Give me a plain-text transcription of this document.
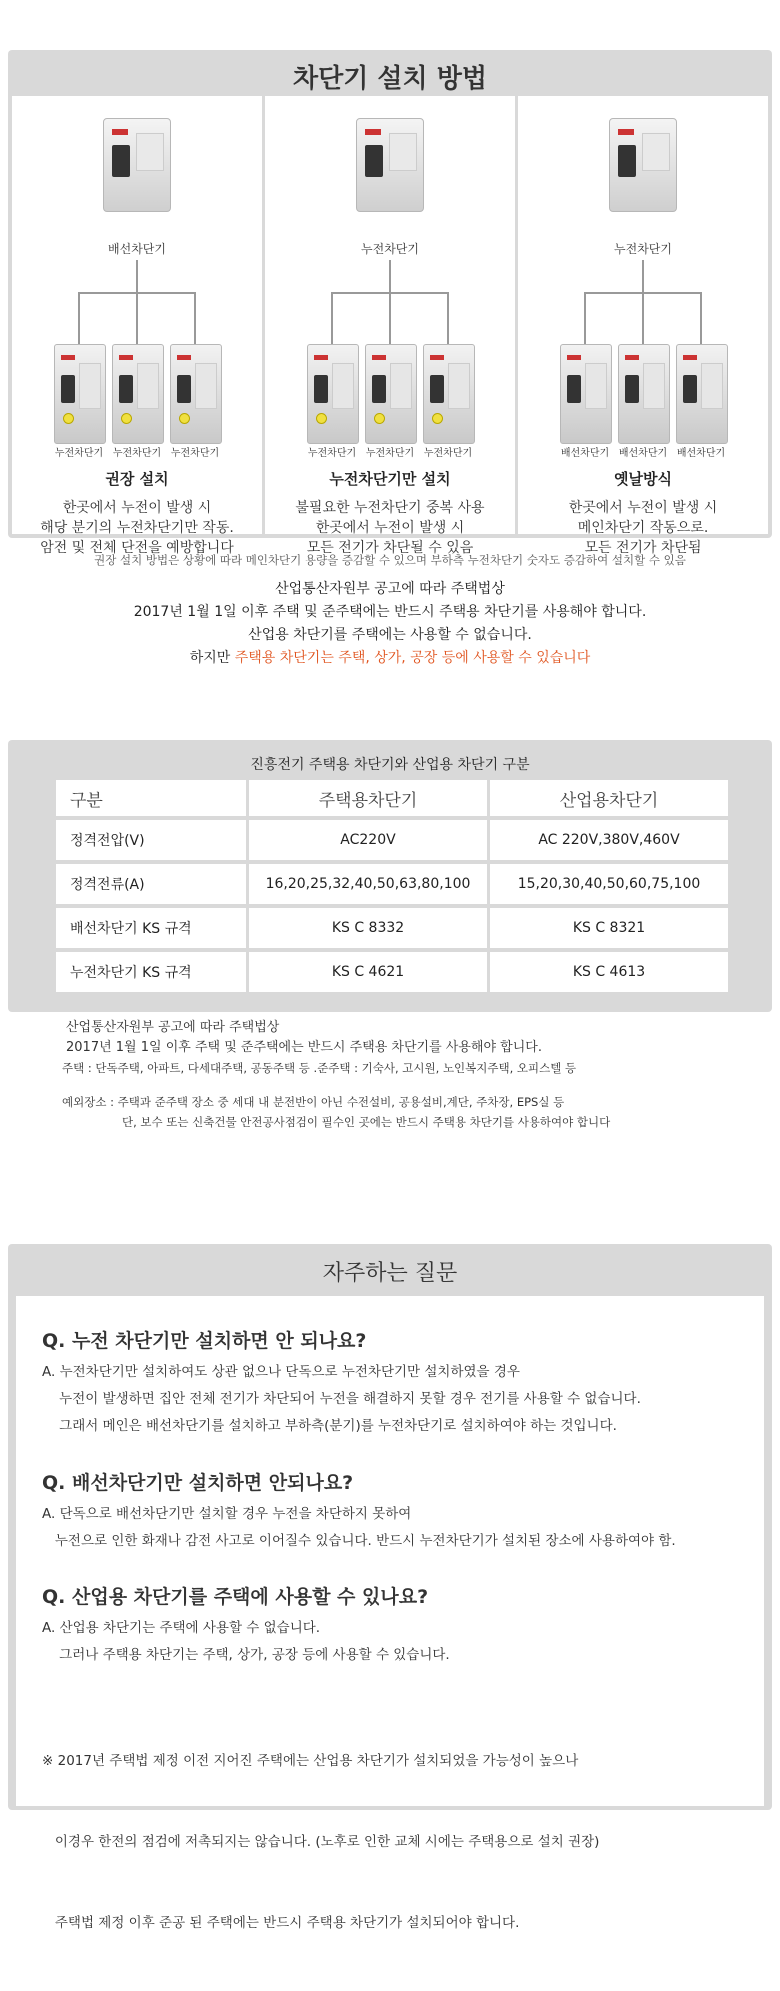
차단기 설치 방법
배선차단기
누전차단기 누전차단기 누전차단기
권장 설치
한곳에서 누전이 발생 시
해당 분기의 누전차단기만 작동.
암전 및 전체 단전을 예방합니다
누전차단기
누전차단기 누전차단기 누전차단기
누전차단기만 설치
불필요한 누전차단기 중복 사용
한곳에서 누전이 발생 시
모든 전기가 차단될 수 있음
누전차단기
배선차단기 배선차단기 배선차단기
옛날방식
한곳에서 누전이 발생 시
메인차단기 작동으로.
모든 전기가 차단됨
권장 설치 방법은 상황에 따라 메인차단기 용량을 증감할 수 있으며 부하측 누전차단기 숫자도 증감하여 설치할 수 있음
산업통산자원부 공고에 따라 주택법상
2017년 1월 1일 이후 주택 및 준주택에는 반드시 주택용 차단기를 사용해야 합니다.
산업용 차단기를 주택에는 사용할 수 없습니다.
하지만 주택용 차단기는 주택, 상가, 공장 등에 사용할 수 있습니다
진흥전기 주택용 차단기와 산업용 차단기 구분
구분	주택용차단기	산업용차단기
정격전압(V)	AC220V	AC 220V,380V,460V
정격전류(A)	16,20,25,32,40,50,63,80,100	15,20,30,40,50,60,75,100
배선차단기 KS 규격	KS C 8332	KS C 8321
누전차단기 KS 규격	KS C 4621	KS C 4613
산업통산자원부 공고에 따라 주택법상
2017년 1월 1일 이후 주택 및 준주택에는 반드시 주택용 차단기를 사용해야 합니다.
주택 : 단독주택, 아파트, 다세대주택, 공동주택 등 .준주택 : 기숙사, 고시원, 노인복지주택, 오피스텔 등
예외장소 : 주택과 준주택 장소 중 세대 내 분전반이 아닌 수전설비, 공용설비,계단, 주차장, EPS실 등
단, 보수 또는 신축건물 안전공사점검이 필수인 곳에는 반드시 주택용 차단기를 사용하여야 합니다
자주하는 질문
Q. 누전 차단기만 설치하면 안 되나요?
A. 누전차단기만 설치하여도 상관 없으나 단독으로 누전차단기만 설치하였을 경우
누전이 발생하면 집안 전체 전기가 차단되어 누전을 해결하지 못할 경우 전기를 사용할 수 없습니다.
그래서 메인은 배선차단기를 설치하고 부하측(분기)를 누전차단기로 설치하여야 하는 것입니다.
Q. 배선차단기만 설치하면 안되나요?
A. 단독으로 배선차단기만 설치할 경우 누전을 차단하지 못하여
누전으로 인한 화재나 감전 사고로 이어질수 있습니다. 반드시 누전차단기가 설치된 장소에 사용하여야 함.
Q. 산업용 차단기를 주택에 사용할 수 있나요?
A. 산업용 차단기는 주택에 사용할 수 없습니다.
그러나 주택용 차단기는 주택, 상가, 공장 등에 사용할 수 있습니다.

※ 2017년 주택법 제정 이전 지어진 주택에는 산업용 차단기가 설치되었을 가능성이 높으나

이경우 한전의 점검에 저촉되지는 않습니다. (노후로 인한 교체 시에는 주택용으로 설치 권장)

주택법 제정 이후 준공 된 주택에는 반드시 주택용 차단기가 설치되어야 합니다.
